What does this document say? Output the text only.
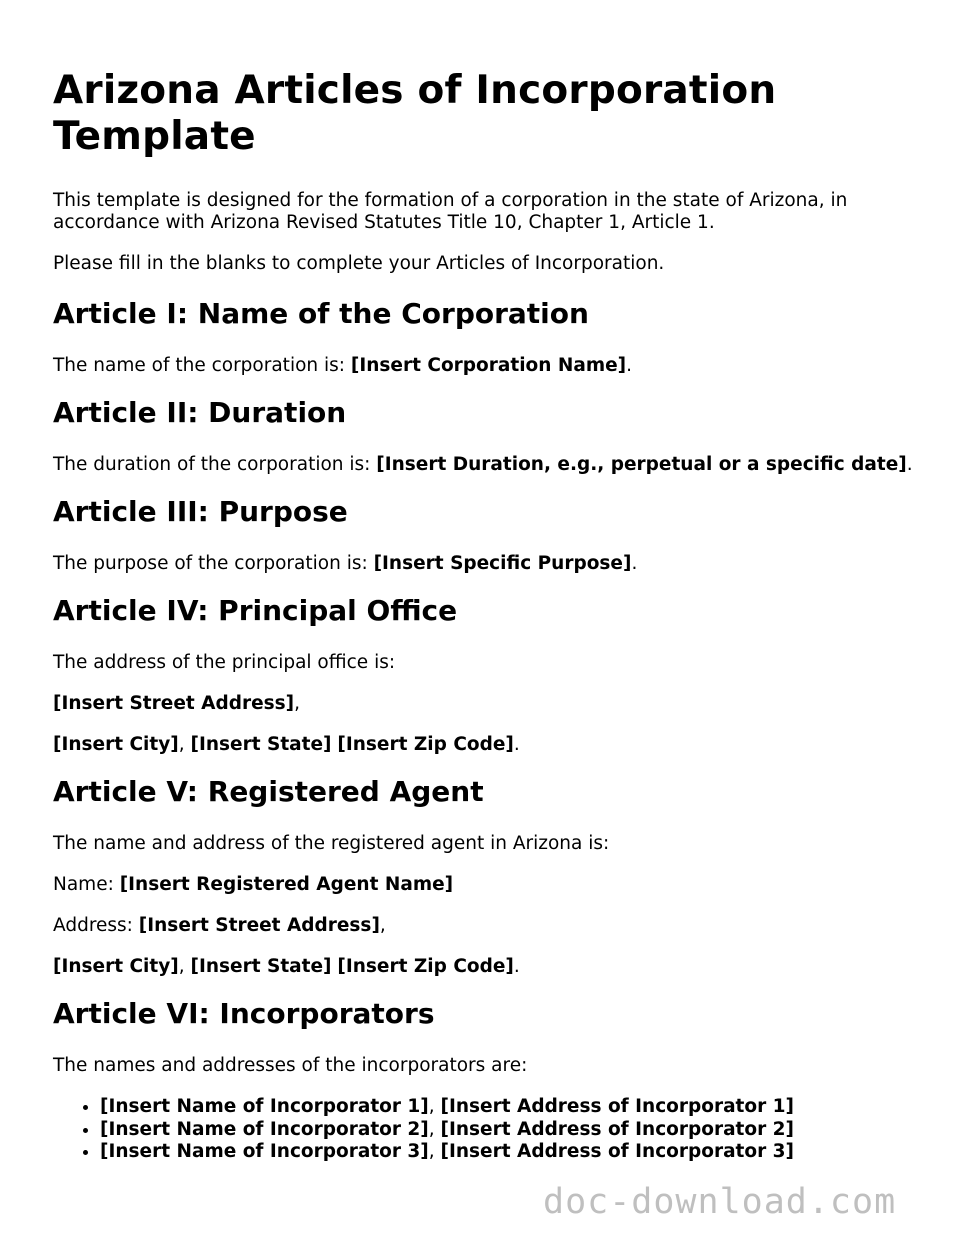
Arizona Articles of Incorporation Template

This template is designed for the formation of a corporation in the state of Arizona, in accordance with Arizona Revised Statutes Title 10, Chapter 1, Article 1.

Please fill in the blanks to complete your Articles of Incorporation.

Article I: Name of the Corporation

The name of the corporation is: [Insert Corporation Name].

Article II: Duration

The duration of the corporation is: [Insert Duration, e.g., perpetual or a specific date].

Article III: Purpose

The purpose of the corporation is: [Insert Specific Purpose].

Article IV: Principal Office

The address of the principal office is:

[Insert Street Address],

[Insert City], [Insert State] [Insert Zip Code].

Article V: Registered Agent

The name and address of the registered agent in Arizona is:

Name: [Insert Registered Agent Name]

Address: [Insert Street Address],

[Insert City], [Insert State] [Insert Zip Code].

Article VI: Incorporators

The names and addresses of the incorporators are:

• [Insert Name of Incorporator 1], [Insert Address of Incorporator 1]
• [Insert Name of Incorporator 2], [Insert Address of Incorporator 2]
• [Insert Name of Incorporator 3], [Insert Address of Incorporator 3]
doc-download.com
